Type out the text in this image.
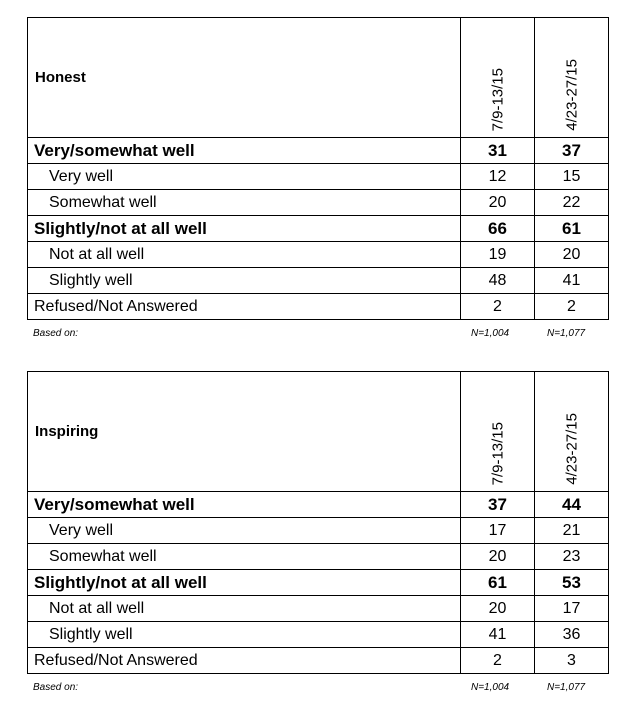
Honest	7/9-13/15	4/23-27/15

Very/somewhat well	31	37
Very well	12	15
Somewhat well	20	22
Slightly/not at all well	66	61
Not at all well	19	20
Slightly well	48	41
Refused/Not Answered	2	2
Based on:	N=1,004	N=1,077
Inspiring	7/9-13/15	4/23-27/15

Very/somewhat well	37	44
Very well	17	21
Somewhat well	20	23
Slightly/not at all well	61	53
Not at all well	20	17
Slightly well	41	36
Refused/Not Answered	2	3
Based on:	N=1,004	N=1,077
